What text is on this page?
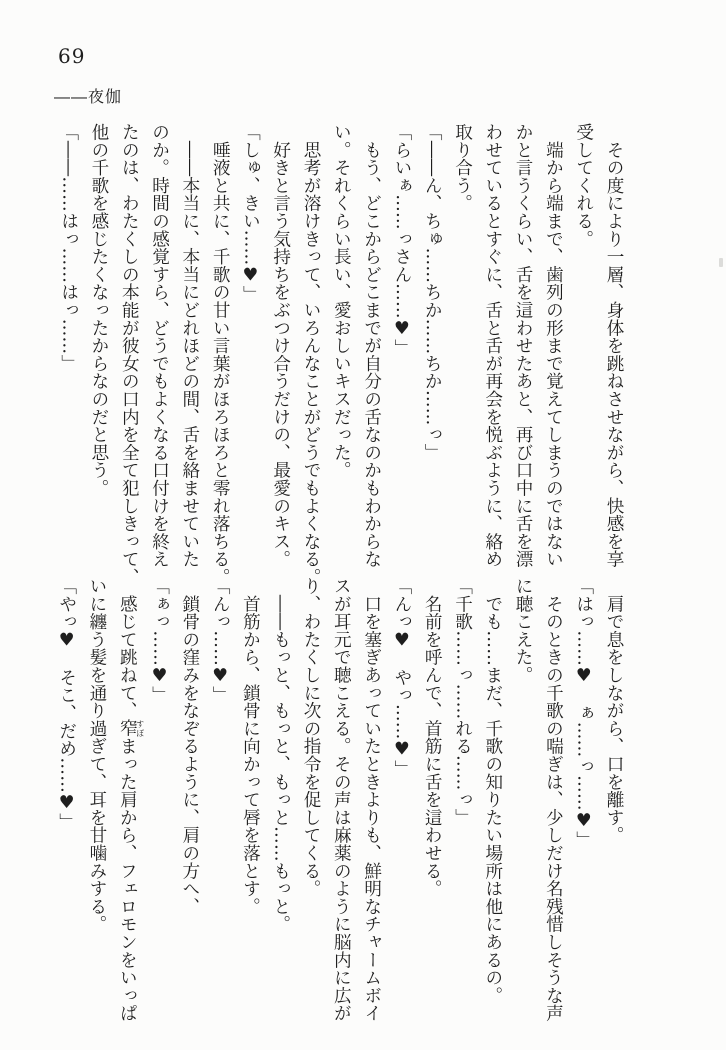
69
――夜伽

　その度により一層、身体を跳ねさせながら、快感を享

受してくれる。

　端から端まで、歯列の形まで覚えてしまうのではない

かと言うくらい、舌を這わせたあと、再び口中に舌を漂

わせているとすぐに、舌と舌が再会を悦ぶように、絡め

取り合う。

「――ん、ちゅ……ちか……ちか……っ」

「らいぁ……っさん……♥」

　もう、どこからどこまでが自分の舌なのかもわからな

い。それくらい長い、愛おしいキスだった。

　思考が溶けきって、いろんなことがどうでもよくなる。

　好きと言う気持ちをぶつけ合うだけの、最愛のキス。

「しゅ、きい……♥」

　唾液と共に、千歌の甘い言葉がほろほろと零れ落ちる。

　――本当に、本当にどれほどの間、舌を絡ませていた

のか。時間の感覚すら、どうでもよくなる口付けを終え

たのは、わたくしの本能が彼女の口内を全て犯しきって、

他の千歌を感じたくなったからなのだと思う。

「――……はっ……はっ……」

　肩で息をしながら、口を離す。

「はっ……♥　ぁ……っ……♥」

　そのときの千歌の喘ぎは、少しだけ名残惜しそうな声

に聴こえた。

　でも……まだ、千歌の知りたい場所は他にあるの。

「千歌……っ……れる……っ」

　名前を呼んで、首筋に舌を這わせる。

「んっ♥　やっ……♥」

　口を塞ぎあっていたときよりも、鮮明なチャームボイ

スが耳元で聴こえる。その声は麻薬のように脳内に広が

り、わたくしに次の指令を促してくる。

　――もっと、もっと、もっと……もっと。

　首筋から、鎖骨に向かって唇を落とす。

「んっ……♥」

　鎖骨の窪みをなぞるように、肩の方へ、

「ぁっ……♥」

　感じて跳ねて、窄すぼまった肩から、フェロモンをいっぱ

いに纏う髪を通り過ぎて、耳を甘噛みする。

「やっ♥　そこ、だめ……♥」
